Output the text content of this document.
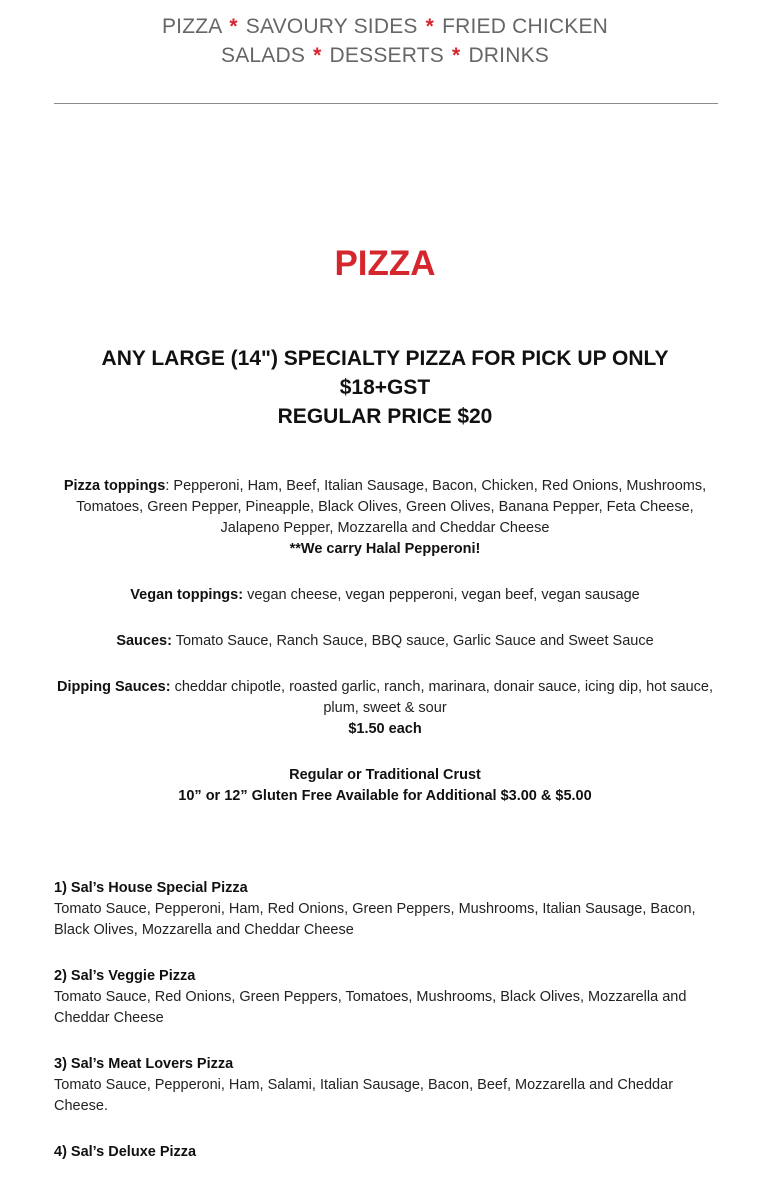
PIZZA * SAVOURY SIDES * FRIED CHICKEN
SALADS * DESSERTS * DRINKS
PIZZA
ANY LARGE (14") SPECIALTY PIZZA FOR PICK UP ONLY
$18+GST
REGULAR PRICE $20

Pizza toppings: Pepperoni, Ham, Beef, Italian Sausage, Bacon, Chicken, Red Onions, Mushrooms, Tomatoes, Green Pepper, Pineapple, Black Olives, Green Olives, Banana Pepper, Feta Cheese, Jalapeno Pepper, Mozzarella and Cheddar Cheese
**We carry Halal Pepperoni!

Vegan toppings: vegan cheese, vegan pepperoni, vegan beef, vegan sausage

Sauces: Tomato Sauce, Ranch Sauce, BBQ sauce, Garlic Sauce and Sweet Sauce

Dipping Sauces: cheddar chipotle, roasted garlic, ranch, marinara, donair sauce, icing dip, hot sauce, plum, sweet & sour
$1.50 each

Regular or Traditional Crust
10” or 12” Gluten Free Available for Additional $3.00 & $5.00

1) Sal’s House Special Pizza
Tomato Sauce, Pepperoni, Ham, Red Onions, Green Peppers, Mushrooms, Italian Sausage, Bacon, Black Olives, Mozzarella and Cheddar Cheese
2) Sal’s Veggie Pizza
Tomato Sauce, Red Onions, Green Peppers, Tomatoes, Mushrooms, Black Olives, Mozzarella and Cheddar Cheese
3) Sal’s Meat Lovers Pizza
Tomato Sauce, Pepperoni, Ham, Salami, Italian Sausage, Bacon, Beef, Mozzarella and Cheddar Cheese.
4) Sal’s Deluxe Pizza
